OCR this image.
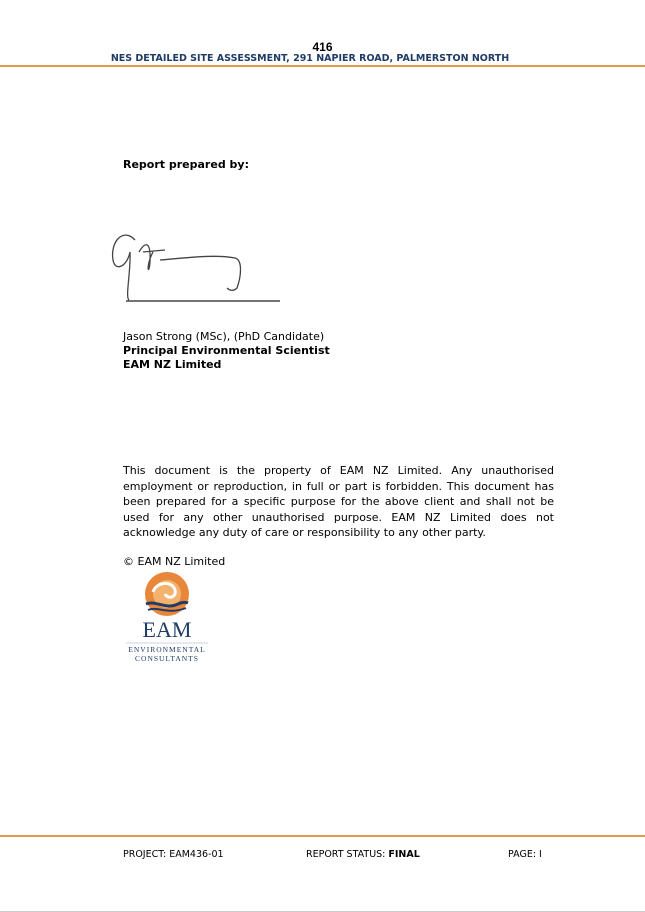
416
NES DETAILED SITE ASSESSMENT, 291 NAPIER ROAD, PALMERSTON NORTH
Report prepared by:
Jason Strong (MSc), (PhD Candidate)
Principal Environmental Scientist
EAM NZ Limited
This document is the property of EAM NZ Limited. Any unauthorised employment or reproduction, in full or part is forbidden. This document has been prepared for a specific purpose for the above client and shall not be used for any other unauthorised purpose. EAM NZ Limited does not acknowledge any duty of care or responsibility to any other party.
© EAM NZ Limited
EAM
ENVIRONMENTAL
CONSULTANTS
PROJECT: EAM436-01	REPORT STATUS: FINAL	PAGE: I
